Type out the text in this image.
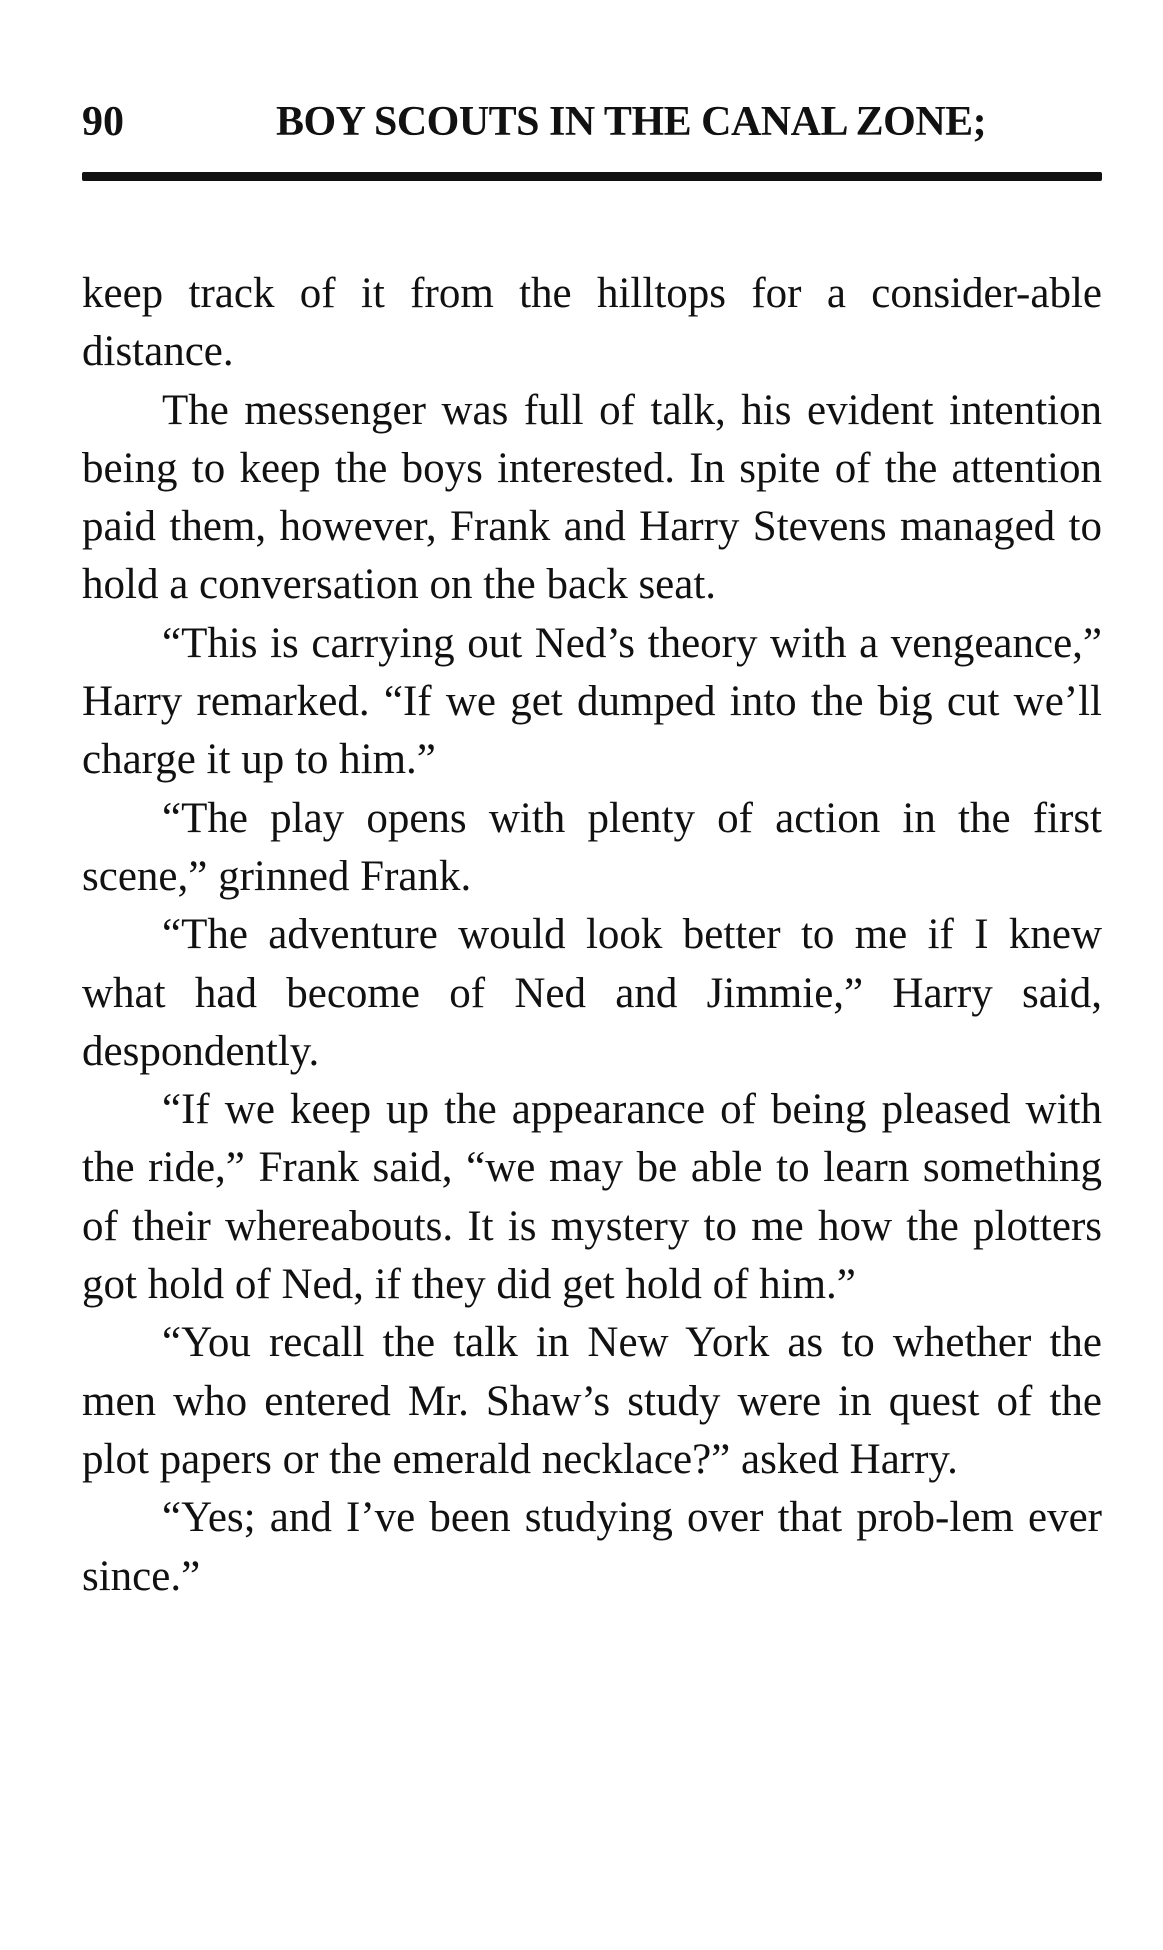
90	BOY SCOUTS IN THE CANAL ZONE;

keep track of it from the hilltops for a consider-able distance.

The messenger was full of talk, his evident intention being to keep the boys interested. In spite of the attention paid them, however, Frank and Harry Stevens managed to hold a conversation on the back seat.

“This is carrying out Ned’s theory with a vengeance,” Harry remarked. “If we get dumped into the big cut we’ll charge it up to him.”

“The play opens with plenty of action in the first scene,” grinned Frank.

“The adventure would look better to me if I knew what had become of Ned and Jimmie,” Harry said, despondently.

“If we keep up the appearance of being pleased with the ride,” Frank said, “we may be able to learn something of their whereabouts. It is mystery to me how the plotters got hold of Ned, if they did get hold of him.”

“You recall the talk in New York as to whether the men who entered Mr. Shaw’s study were in quest of the plot papers or the emerald necklace?” asked Harry.

“Yes; and I’ve been studying over that prob-lem ever since.”
